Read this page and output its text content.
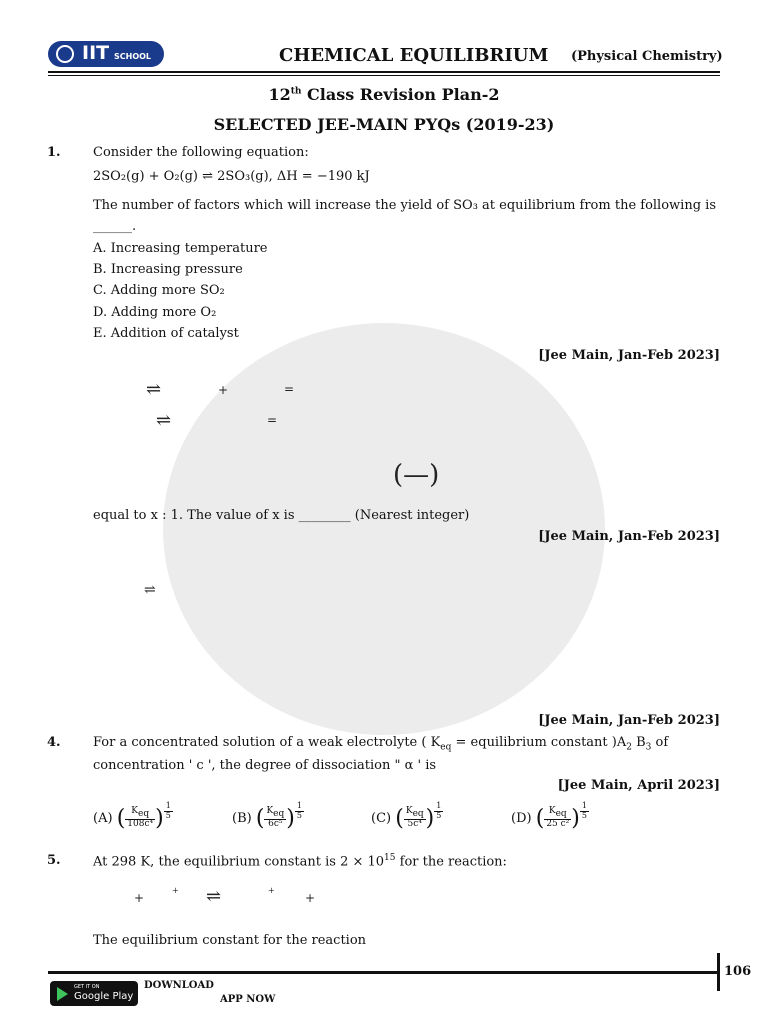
IIT SCHOOL	CHEMICAL EQUILIBRIUM (Physical Chemistry)
12th Class Revision Plan-2
SELECTED JEE-MAIN PYQs (2019-23)
1. Consider the following equation:
2SO₂(g) + O₂(g) ⇌ 2SO₃(g), ΔH = −190 kJ
The number of factors which will increase the yield of SO₃ at equilibrium from the following is
______.
A. Increasing temperature
B. Increasing pressure
C. Adding more SO₂
D. Adding more O₂
E. Addition of catalyst
[Jee Main, Jan-Feb 2023]
⇌	+	=
⇌	=
(—)
equal to x : 1. The value of x is ________ (Nearest integer)
[Jee Main, Jan-Feb 2023]
⇌
[Jee Main, Jan-Feb 2023]
4. For a concentrated solution of a weak electrolyte ( $K_{eq}$ = equilibrium constant )$A_2$ $B_3$ of
concentration ' c ', the degree of dissociation " α ' is
[Jee Main, April 2023]
(A) ( $\frac{K_{eq}}{\text{108c⁴}}$ ) $\frac{1}{5}$	(B) ( $\frac{K_{eq}}{\text{6c⁵}}$ ) $\frac{1}{5}$	(C) ( $\frac{K_{eq}}{\text{5c⁴}}$ ) $\frac{1}{5}$	(D) ( $\frac{K_{eq}}{\text{25 c²}}$ ) $\frac{1}{5}$
5. At 298 K, the equilibrium constant is $2 \times 10^{15}$ for the reaction:
+
+ ⇌	+
+
The equilibrium constant for the reaction
106
GET IT ON
Google Play
DOWNLOAD
APP NOW
